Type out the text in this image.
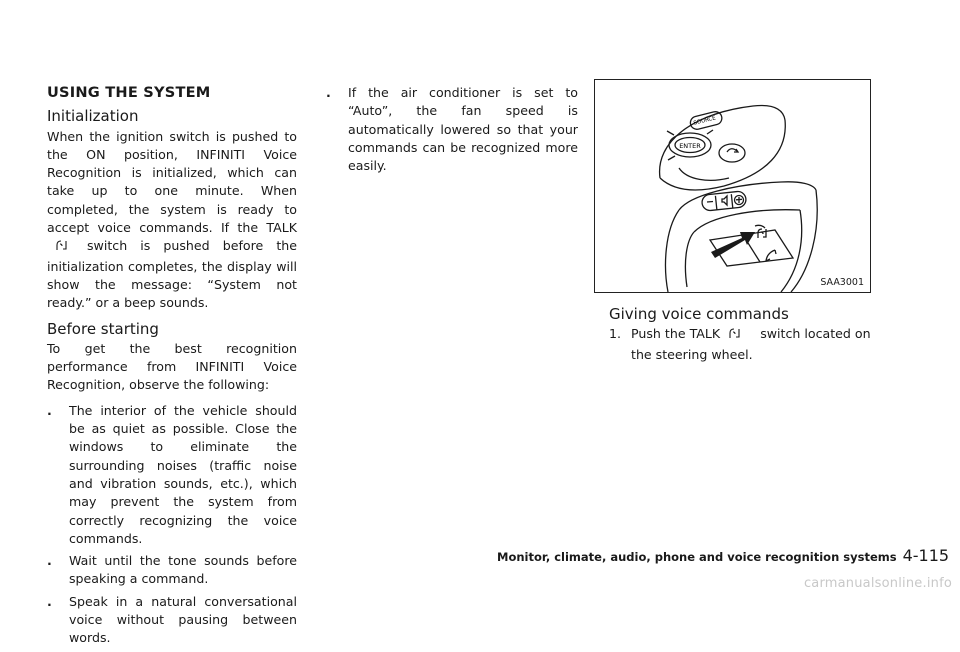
USING THE SYSTEM
Initialization

When the ignition switch is pushed to the ON position, INFINITI Voice Recognition is initialized, which can take up to one minute. When completed, the system is ready to accept voice commands. If the TALKswitch is pushed before the initialization completes, the display will show the message: “System not ready.” or a beep sounds.

Before starting

To get the best recognition performance from INFINITI Voice Recognition, observe the following:

. The interior of the vehicle should be as quiet as possible. Close the windows to eliminate the surrounding noises (traffic noise and vibration sounds, etc.), which may prevent the system from correctly recognizing the voice commands.
. Wait until the tone sounds before speaking a command.
. Speak in a natural conversational voice without pausing between words.
. If the air conditioner is set to “Auto”, the fan speed is automatically lowered so that your commands can be recognized more easily.
SOURCE
ENTER
SAA3001
Giving voice commands
1. Push the TALK	switch located on the steering wheel.
Monitor, climate, audio, phone and voice recognition systems 4-115
carmanualsonline.info
